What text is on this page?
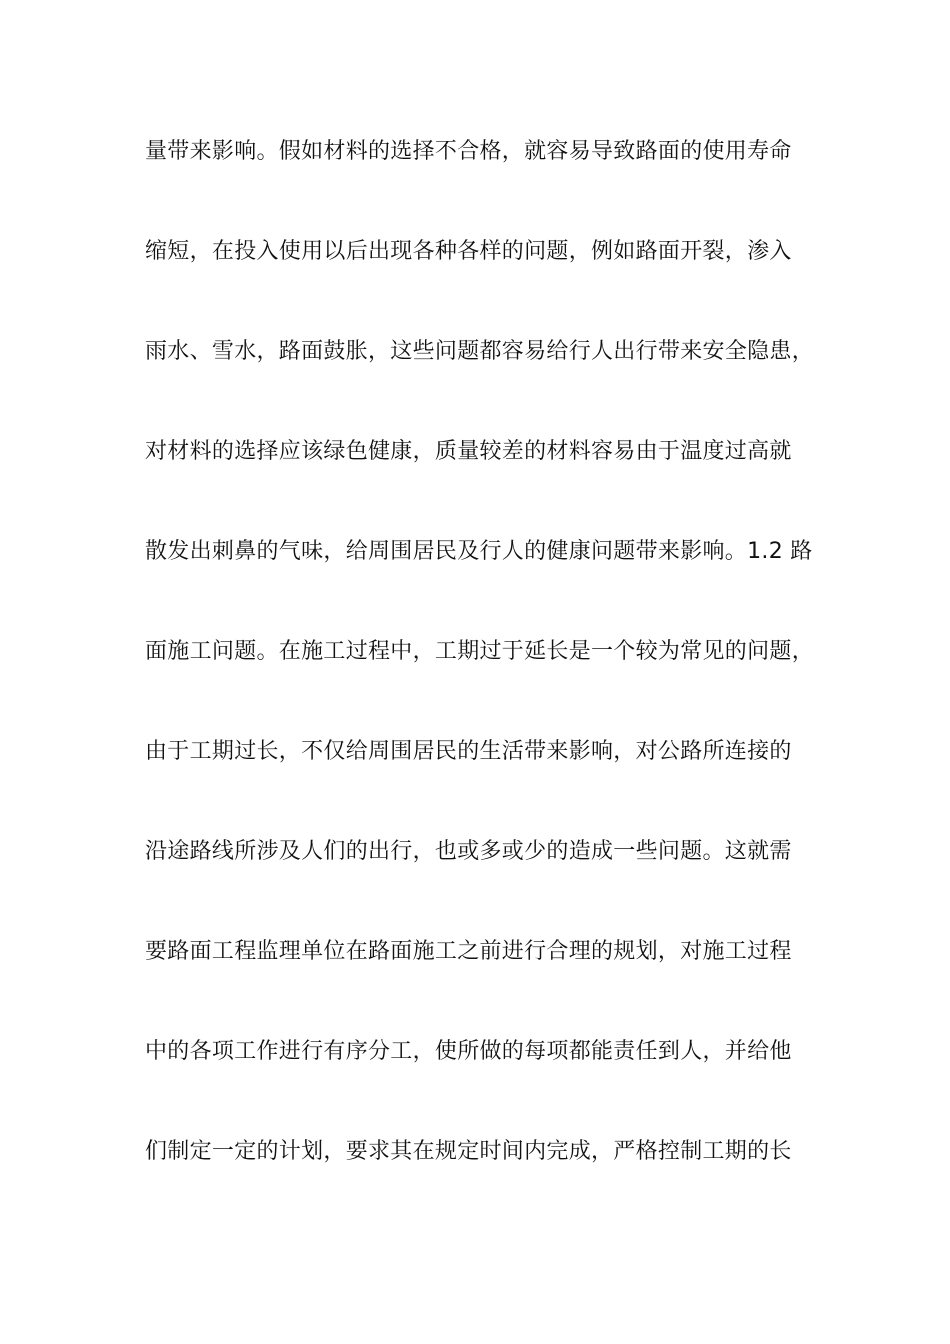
量带来影响。假如材料的选择不合格，就容易导致路面的使用寿命
缩短，在投入使用以后出现各种各样的问题，例如路面开裂，渗入
雨水、雪水，路面鼓胀，这些问题都容易给行人出行带来安全隐患，
对材料的选择应该绿色健康，质量较差的材料容易由于温度过高就
散发出刺鼻的气味，给周围居民及行人的健康问题带来影响。1.2 路
面施工问题。在施工过程中，工期过于延长是一个较为常见的问题，
由于工期过长，不仅给周围居民的生活带来影响，对公路所连接的
沿途路线所涉及人们的出行，也或多或少的造成一些问题。这就需
要路面工程监理单位在路面施工之前进行合理的规划，对施工过程
中的各项工作进行有序分工，使所做的每项都能责任到人，并给他
们制定一定的计划，要求其在规定时间内完成，严格控制工期的长
